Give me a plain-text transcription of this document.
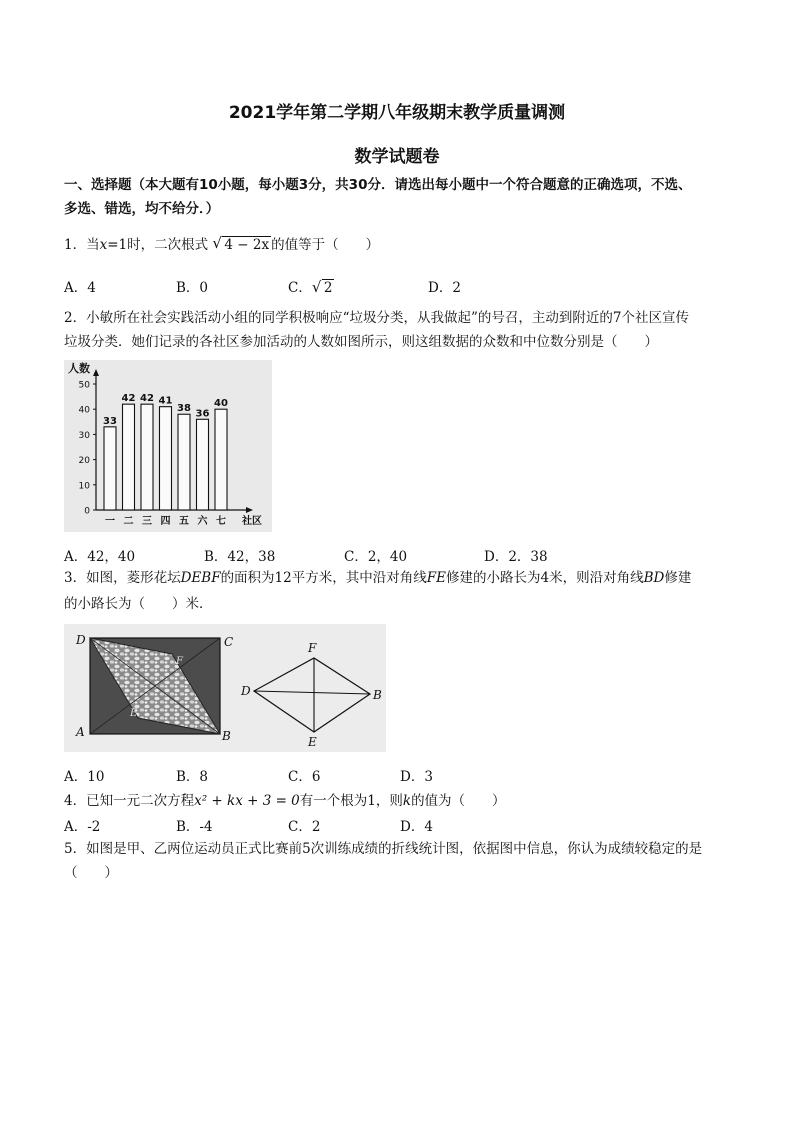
2021学年第二学期八年级期末教学质量调测
数学试题卷
一、选择题（本大题有10小题，每小题3分，共30分．请选出每小题中一个符合题意的正确选项，不选、
多选、错选，均不给分．）
1．当x=1时，二次根式 √ 4 − 2x 的值等于（　　）
A．4	B．0	C． √ 2	D．2
2．小敏所在社会实践活动小组的同学积极响应“垃圾分类，从我做起”的号召，主动到附近的7个社区宣传
垃圾分类．她们记录的各社区参加活动的人数如图所示，则这组数据的众数和中位数分别是（　　）
人数
0
10
20
30
40
50
33
一
42
二
42
三
41
四
38
五
36
六
40
七 社区
A．42，40	B．42，38	C．2，40	D．2．38
3．如图，菱形花坛DEBF的面积为12平方米，其中沿对角线FE修建的小路长为4米，则沿对角线BD修建
的小路长为（　　）米．
D	C
A	B
F
E
D
F
B
E
A．10	B．8	C．6	D．3
4．已知一元二次方程x² + kx + 3 = 0有一个根为1，则k的值为（　　）
A．-2	B．-4	C．2	D．4
5．如图是甲、乙两位运动员正式比赛前5次训练成绩的折线统计图，依据图中信息，你认为成绩较稳定的是
（　　）
